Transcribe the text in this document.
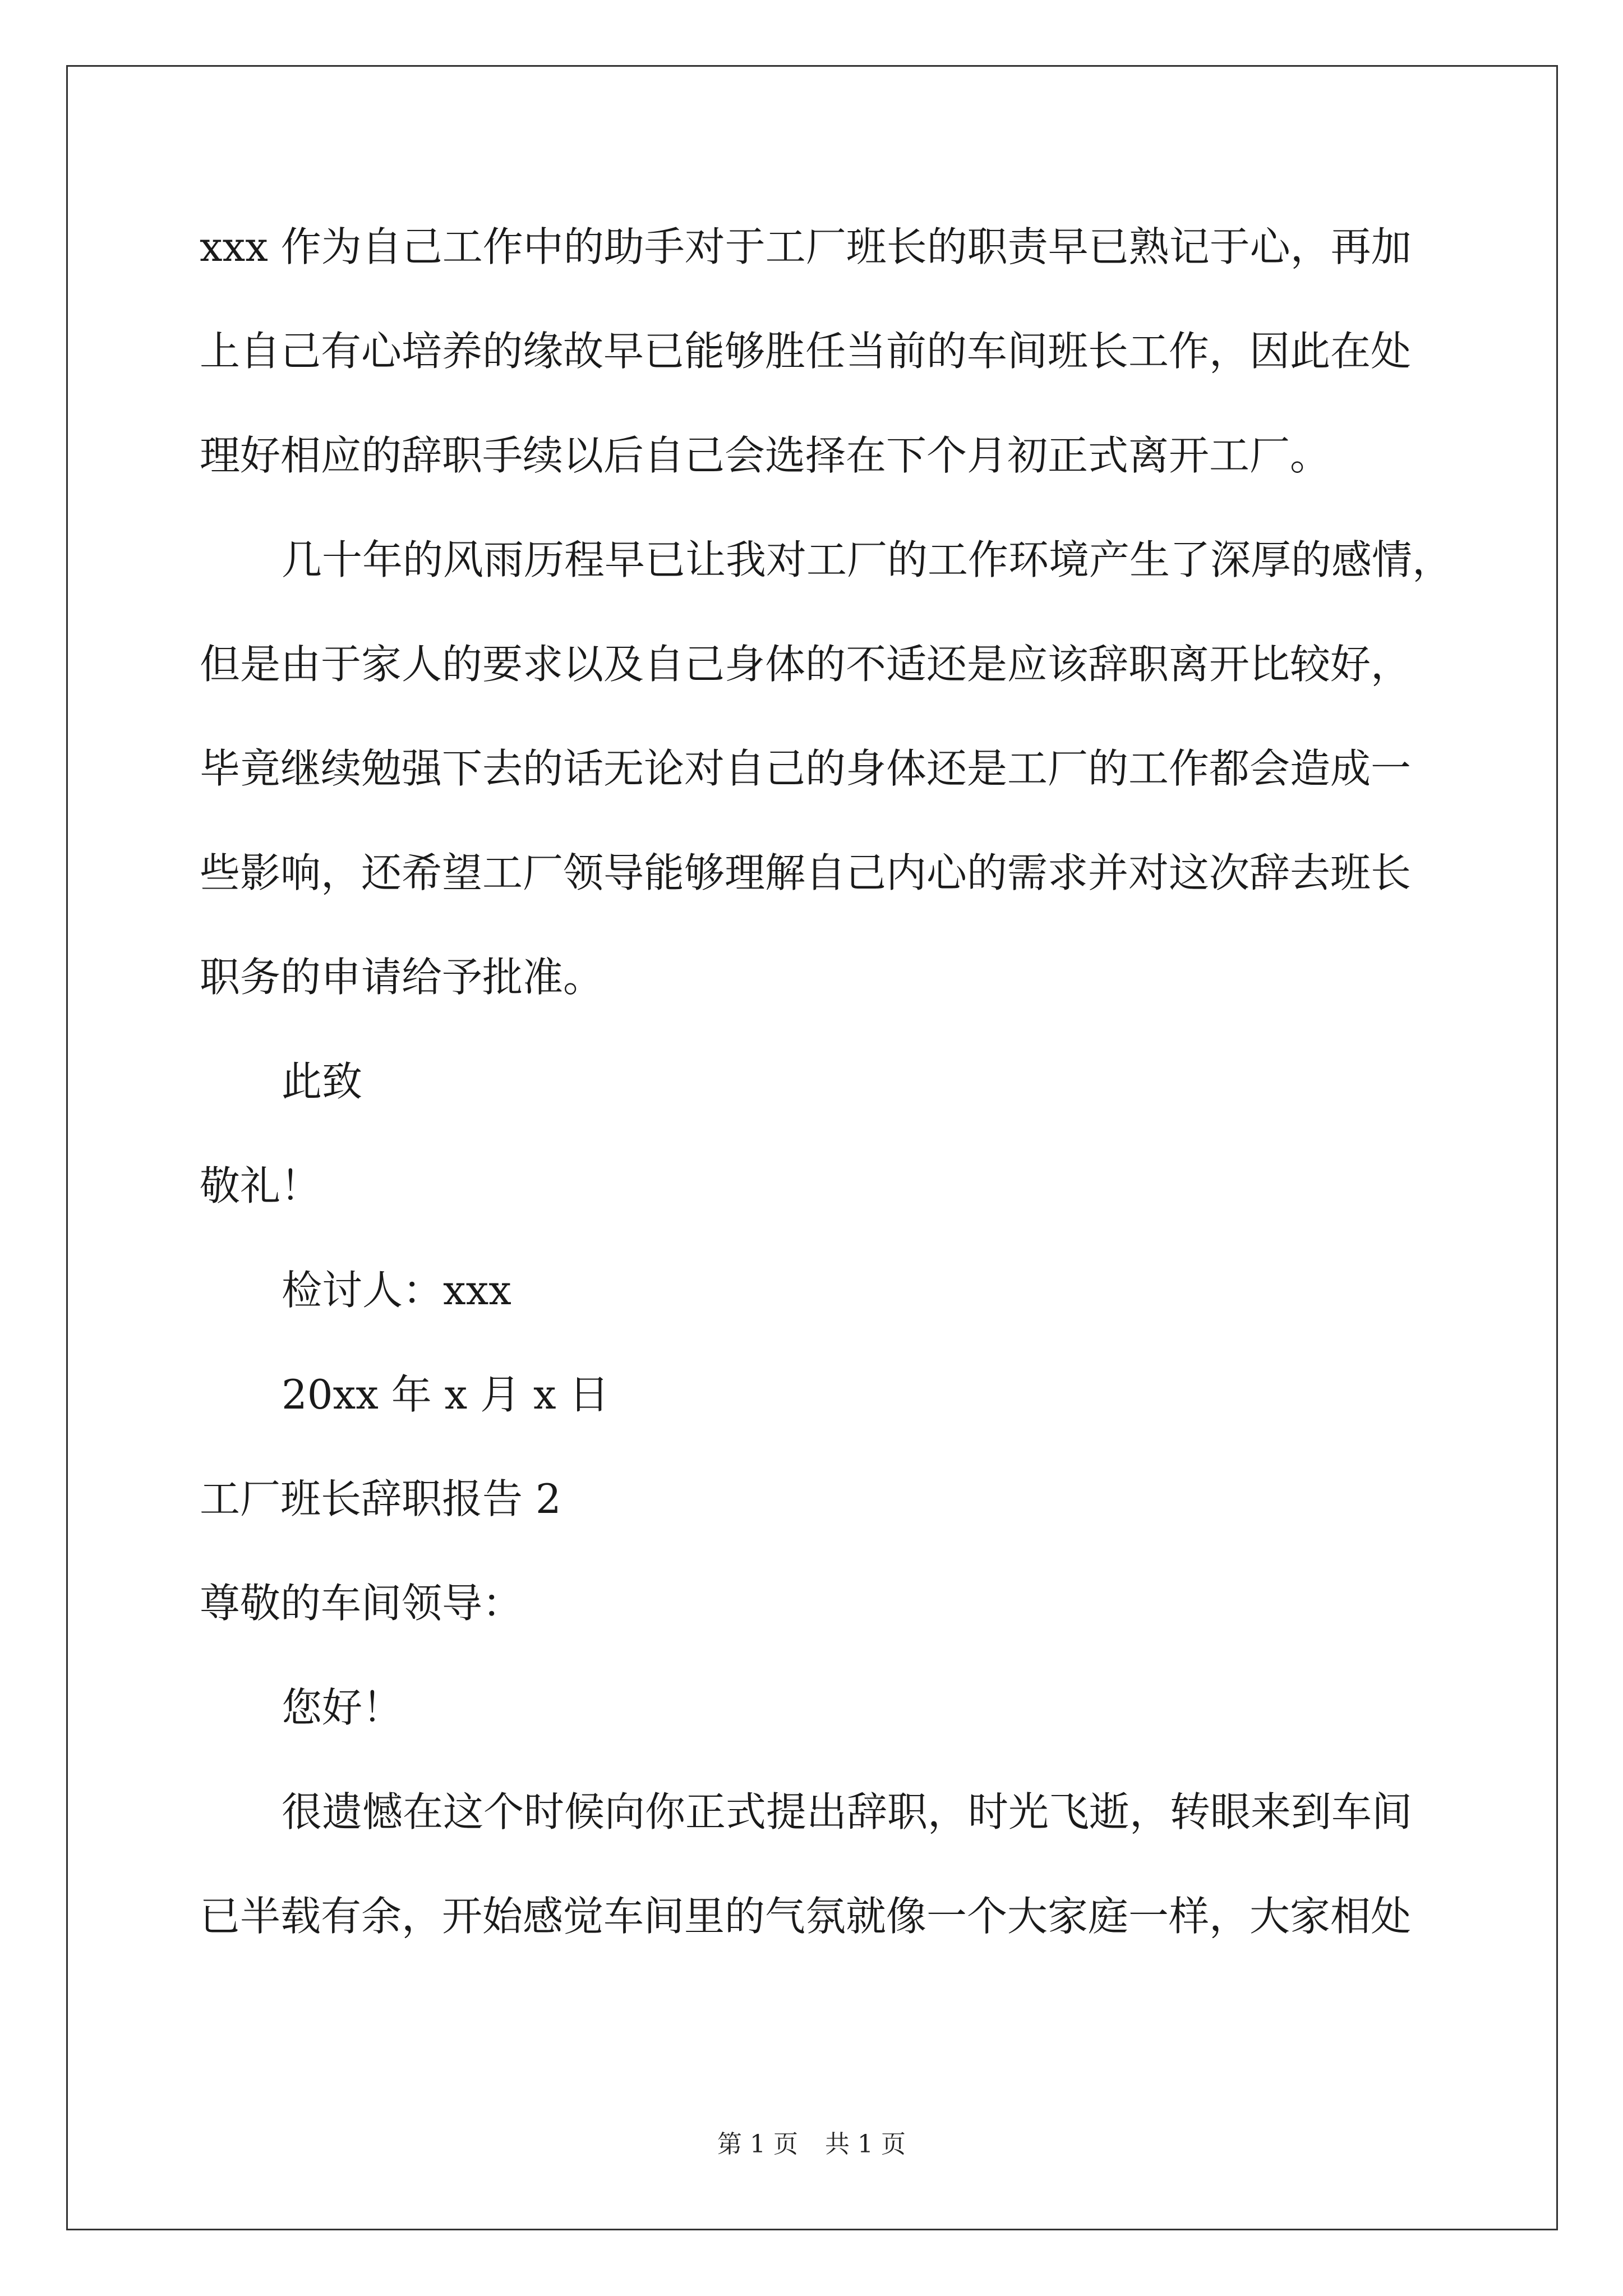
xxx 作为自己工作中的助手对于工厂班长的职责早已熟记于心，再加
上自己有心培养的缘故早已能够胜任当前的车间班长工作，因此在处
理好相应的辞职手续以后自己会选择在下个月初正式离开工厂。
几十年的风雨历程早已让我对工厂的工作环境产生了深厚的感情，
但是由于家人的要求以及自己身体的不适还是应该辞职离开比较好，
毕竟继续勉强下去的话无论对自己的身体还是工厂的工作都会造成一
些影响，还希望工厂领导能够理解自己内心的需求并对这次辞去班长
职务的申请给予批准。
此致
敬礼！
检讨人：xxx
20xx 年 x 月 x 日
工厂班长辞职报告 2
尊敬的车间领导：
您好！
很遗憾在这个时候向你正式提出辞职，时光飞逝，转眼来到车间
已半载有余，开始感觉车间里的气氛就像一个大家庭一样，大家相处
第 1 页 共 1 页
